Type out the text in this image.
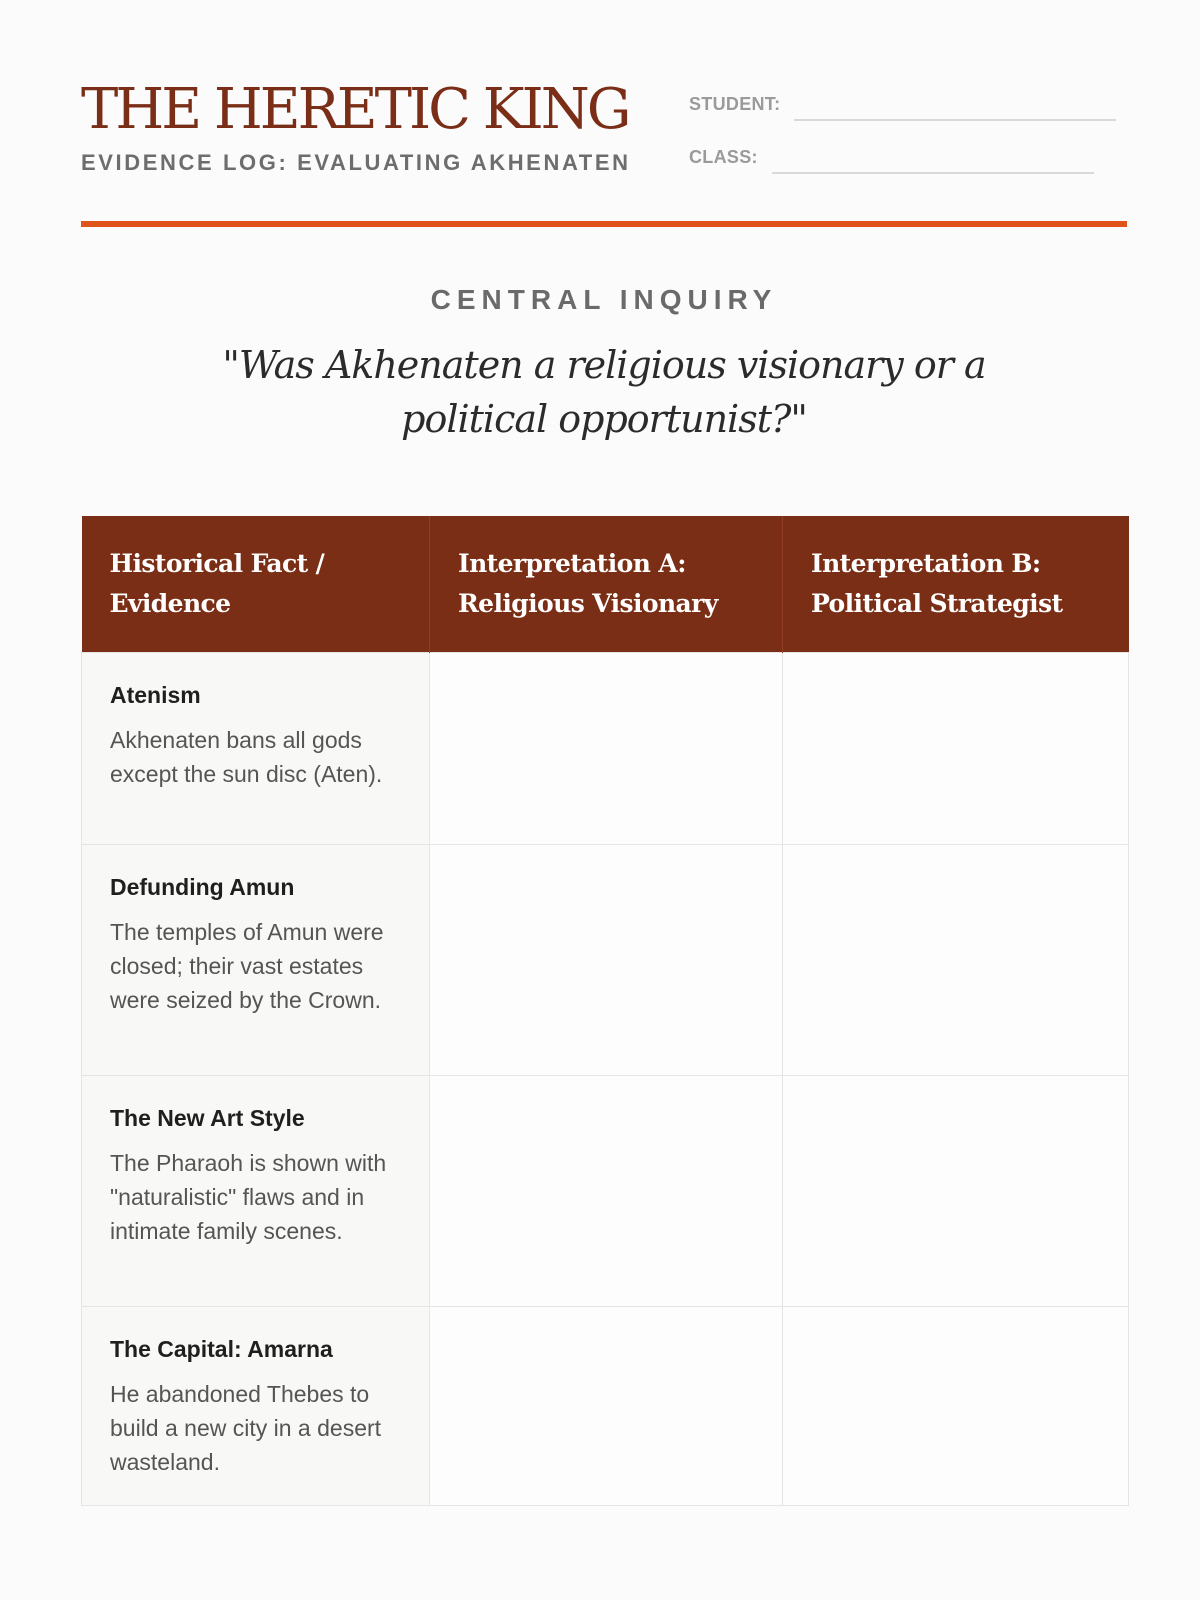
THE HERETIC KING
EVIDENCE LOG: EVALUATING AKHENATEN
STUDENT:
CLASS:
CENTRAL INQUIRY
"Was Akhenaten a religious visionary or a political opportunist?"
Historical Fact / Evidence	Interpretation A: Religious Visionary	Interpretation B: Political Strategist

Atenism
Akhenaten bans all gods except the sun disc (Aten).		

Defunding Amun
The temples of Amun were closed; their vast estates were seized by the Crown.		

The New Art Style
The Pharaoh is shown with "naturalistic" flaws and in intimate family scenes.		

The Capital: Amarna
He abandoned Thebes to build a new city in a desert wasteland.		
